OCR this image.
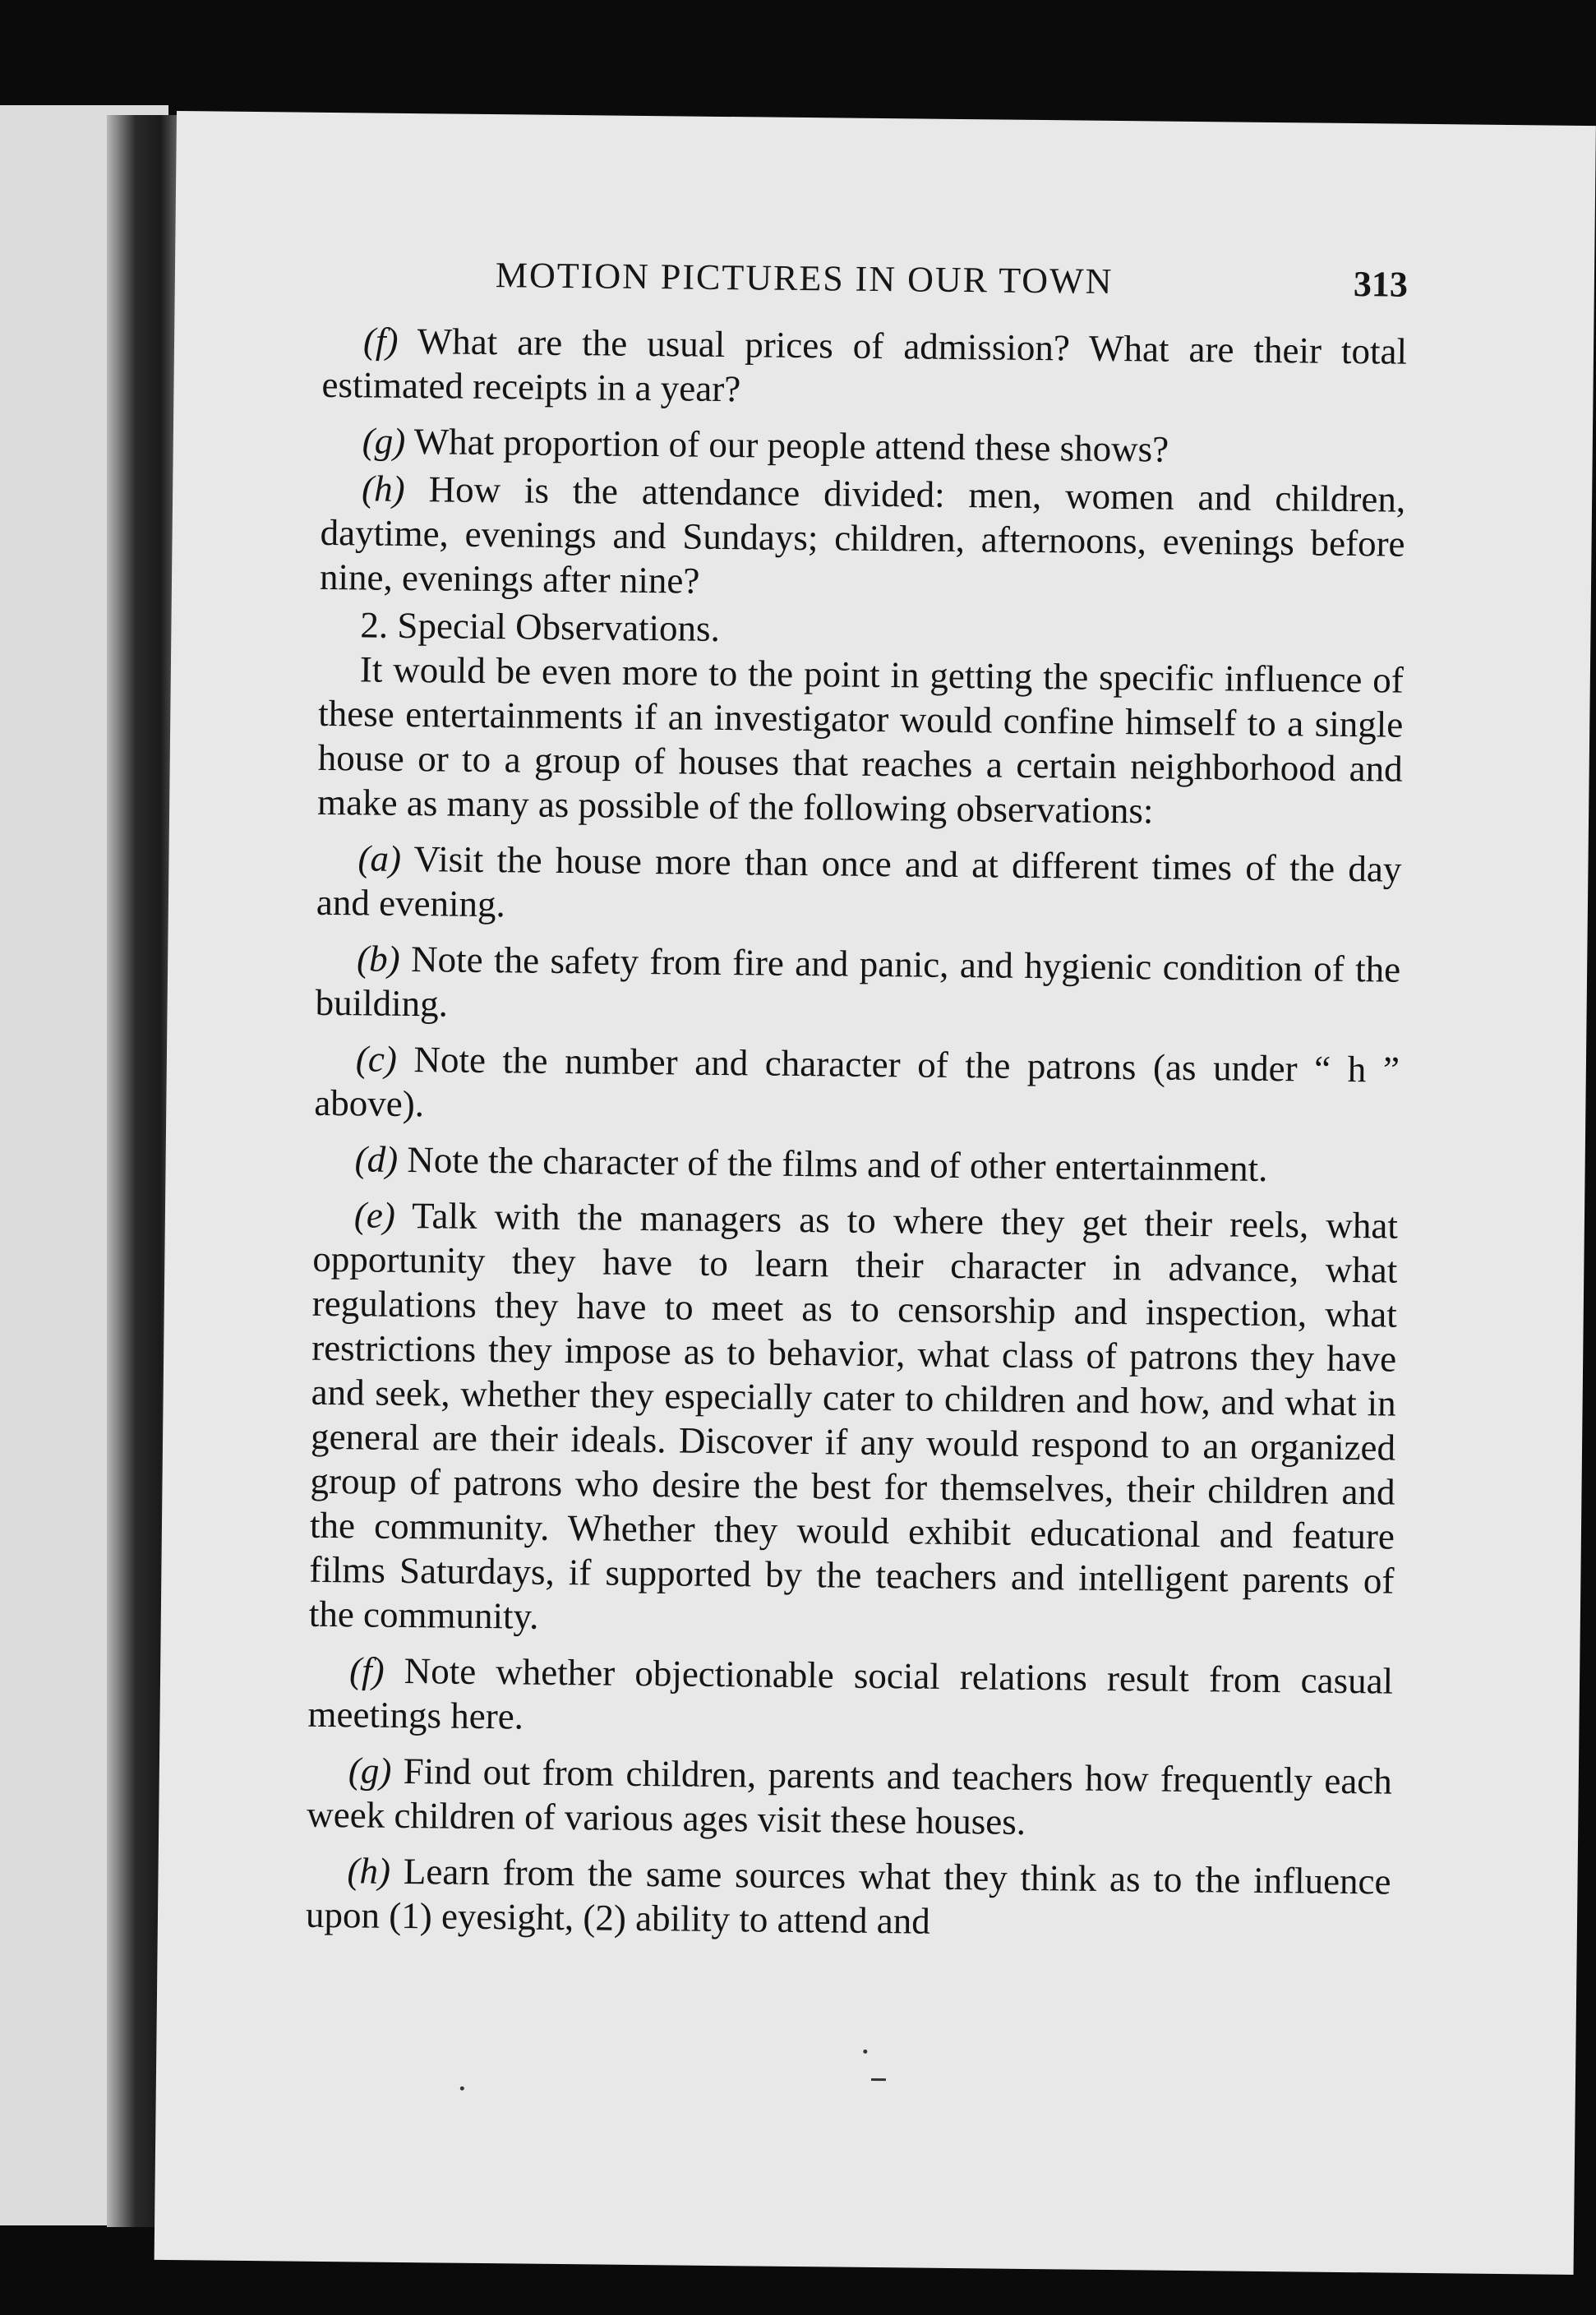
MOTION PICTURES IN OUR TOWN	313

(f) What are the usual prices of admission? What are their total estimated receipts in a year?

(g) What proportion of our people attend these shows?

(h) How is the attendance divided: men, women and children, daytime, evenings and Sundays; children, afternoons, evenings before nine, evenings after nine?

2. Special Observations.

It would be even more to the point in getting the specific influence of these entertainments if an investigator would confine himself to a single house or to a group of houses that reaches a certain neighborhood and make as many as possible of the following observations:

(a) Visit the house more than once and at different times of the day and evening.

(b) Note the safety from fire and panic, and hygienic condition of the building.

(c) Note the number and character of the patrons (as under “ h ” above).

(d) Note the character of the films and of other entertainment.

(e) Talk with the managers as to where they get their reels, what opportunity they have to learn their character in advance, what regulations they have to meet as to censorship and inspection, what restrictions they impose as to behavior, what class of patrons they have and seek, whether they especially cater to children and how, and what in general are their ideals. Discover if any would respond to an organized group of patrons who desire the best for themselves, their children and the community. Whether they would exhibit educational and feature films Saturdays, if supported by the teachers and intelligent parents of the community.

(f) Note whether objectionable social relations result from casual meetings here.

(g) Find out from children, parents and teachers how frequently each week children of various ages visit these houses.

(h) Learn from the same sources what they think as to the influence upon (1) eyesight, (2) ability to attend and
